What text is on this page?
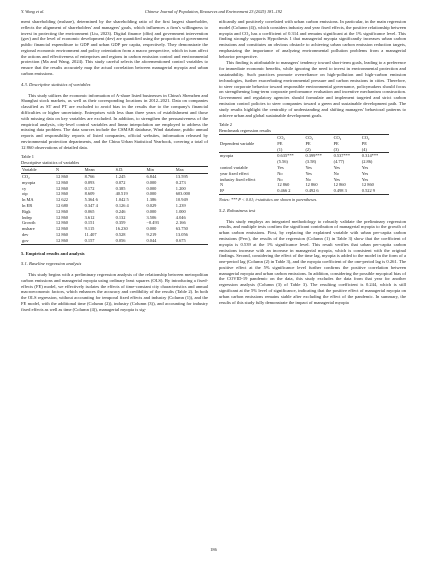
Y. Wang et al.	Chinese Journal of Population, Resources and Environment 23 (2025) 181–192

ment shareholding (mshare), determined by the shareholding ratio of the first largest shareholder, reflects the alignment of shareholders' and managers' goals, which influences a firm's willingness to invest in protecting the environment (Liu, 2023). Digital finance (dfin) and government intervention (gov) and the level of economic development (dev) are quantified using the proportion of government public financial expenditure to GDP and urban GDP per capita, respectively. They demonstrate the regional economic environment and policy orientation from a macro perspective, which in turn affect the actions and effectiveness of enterprises and regions in carbon emission control and environmental protection (Ma and Wang, 2024). This study careful selects the aforementioned control variables to ensure that the results accurately map the actual correlation between managerial myopia and urban carbon emissions.

4.3. Descriptive statistics of variables

This study utilizes the economic information of A-share listed businesses in China's Shenzhen and Shanghai stock markets, as well as their corresponding locations in 2012–2021. Data on companies classified as ST and PT are excluded to avoid bias in the results due to the company's financial difficulties or higher uncertainty. Enterprises with less than three years of establishment and those with missing data on key variables are excluded. In addition, to strengthen the persuasiveness of the empirical analysis, city-level control variables and linear interpolation are employed to address the missing data problem. The data sources include the CSMAR database, Wind database, public annual reports and responsibility reports of listed companies, official websites, information released by environmental protection departments, and the China Urban Statistical Yearbook, covering a total of 12 860 observations of detailed data.

Table 1
Descriptive statistics of variables
Variable	N	Mean	S.D.	Min	Max
CO₂	12 860	8.766	1.245	6.844	13.595
myopia	12 860	0.093	0.072	0.000	0.273
cy	12 860	0.172	0.385	0.000	1.200
oip	12 860	8.609	40.519	0.000	603.000
ln MA	12 622	5.364 6	1.042 5	1.386	10.949
ln ER	12 680	0.347 4	0.126 4	0.029	1.239
Rigk	12 860	0.065	0.246	0.000	1.000
lndep	12 860	3.612	0.132	3.506	4.046
Growth	12 860	0.151	0.359	−0.493	2.166
mshare	12 860	9.115	16.230	0.000	63.750
dev	12 860	11.407	0.528	9.219	13.056
gov	12 860	0.157	0.056	0.044	0.675
5. Empirical results and analysis
5.1. Baseline regression analysis

This study begins with a preliminary regression analysis of the relationship between metropolitan carbon emissions and managerial myopia using ordinary least squares (OLS). By introducing a fixed-effects (FE) model, we effectively isolates the effects of time-constant city characteristics and annual macroeconomic factors, which enhances the accuracy and credibility of the results (Table 2). In both the OLS regression, without accounting for temporal fixed effects and industry (Column (1)), and the FE model, with the additional time (Column (2)), industry (Column (3)), and accounting for industry fixed effects as well as time (Column (4)), managerial myopia is sig-

nificantly and positively correlated with urban carbon emissions. In particular, in the main regression model (Column (4)), which considers industry and year fixed effects, the positive relationship between myopia and CO₂ has a coefficient of 0.314 and remains significant at the 1% significance level. This finding strongly supports Hypothesis 1 that managerial myopia significantly increases urban carbon emissions and constitutes an obvious obstacle to achieving urban carbon emission reduction targets, emphasizing the importance of analyzing environmental pollution problems from a managerial behavior perspective.

This finding is attributable to managers' tendency toward short-term goals, leading to a preference for immediate economic benefits, while ignoring the need to invest in environmental protection and sustainability. Such practices promote overreliance on high-pollution and high-carbon emission technologies, further exacerbating environmental pressure and carbon emissions in cities. Therefore, to steer corporate behavior toward responsible environmental governance, policymakers should focus on strengthening long-term corporate performance evaluation and incentive mechanism construction. Government and regulatory agencies should formulate and implement targeted and strict carbon emission control policies to steer companies toward a green and sustainable development path. The study results highlight the centrality of understanding and shifting managers' behavioral patterns to achieve urban and global sustainable development goals.

Table 2
Benchmark regression results
	CO₂	CO₂	CO₂	CO₂
Dependent variable	PE	PE	PE	PE
	(1)	(2)	(3)	(4)
myopia	0.635***	0.399***	0.537***	0.314***
	(5.56)	(3.58)	(4.77)	(2.86)
control variable	Yes	Yes	Yes	Yes
year fixed effect	No	Yes	No	Yes
industry fixed effect	No	No	Yes	Yes
N	12 860	12 860	12 860	12 860
R²	0.466 2	0.492 6	0.498 3	0.522 9
Notes: *** P < 0.01; t-statistics are shown in parentheses.
5.2. Robustness test

This study employs an integrated methodology to robustly validate the preliminary regression results, and multiple tests confirm the significant contribution of managerial myopia to the growth of urban carbon emissions. First, by replacing the explained variable with urban per-capita carbon emissions (Perc), the results of the regression (Column (1) in Table 3) show that the coefficient of myopia is 0.539 at the 1% significance level. This result verifies that urban per-capita carbon emissions increase with an increase in managerial myopia, which is consistent with the original findings. Second, considering the effect of the time lag, myopia is added to the model in the form of a one-period lag (Column (2) in Table 3), and the myopia coefficient of the one-period lag is 0.261. The positive effect at the 5% significance level further confirms the positive correlation between managerial myopia and urban carbon emissions. In addition, considering the possible myopical bias of the COVID-19 pandemic on the data, this study excludes the data from that year for another regression analysis (Column (3) of Table 3). The resulting coefficient is 0.244, which is still significant at the 5% level of significance, indicating that the positive effect of managerial myopia on urban carbon emissions remains stable after excluding the effect of the pandemic. In summary, the results of this study fully demonstrate the impact of managerial myopia

186
